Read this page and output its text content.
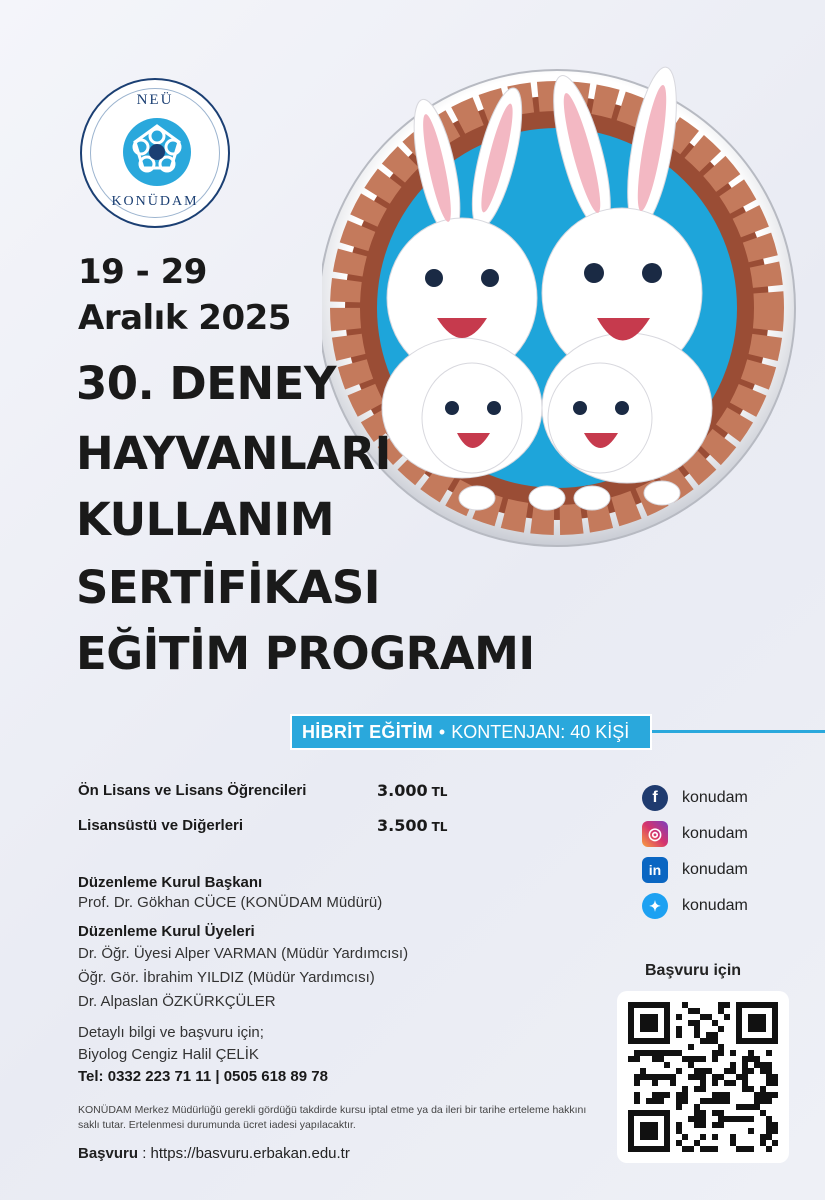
NEÜ
KONÜDAM
19 - 29
Aralık 2025
30. DENEY
HAYVANLARI
KULLANIM
SERTİFİKASI
EĞİTİM PROGRAMI
HİBRİT EĞİTİM • KONTENJAN: 40 KİŞİ
Ön Lisans ve Lisans Öğrencileri	3.000 TL
Lisansüstü ve Diğerleri	3.500 TL
Düzenleme Kurul Başkanı
Prof. Dr. Gökhan CÜCE (KONÜDAM Müdürü)
Düzenleme Kurul Üyeleri
Dr. Öğr. Üyesi Alper VARMAN (Müdür Yardımcısı)
Öğr. Gör. İbrahim YILDIZ (Müdür Yardımcısı)
Dr. Alpaslan ÖZKÜRKÇÜLER
Detaylı bilgi ve başvuru için;
Biyolog Cengiz Halil ÇELİK
Tel: 0332 223 71 11 | 0505 618 89 78
KONÜDAM Merkez Müdürlüğü gerekli gördüğü takdirde kursu iptal etme ya da ileri bir tarihe erteleme hakkını saklı tutar. Ertelenmesi durumunda ücret iadesi yapılacaktır.
Başvuru : https://basvuru.erbakan.edu.tr
f	konudam
◎	konudam
in	konudam
✦	konudam
Başvuru için
